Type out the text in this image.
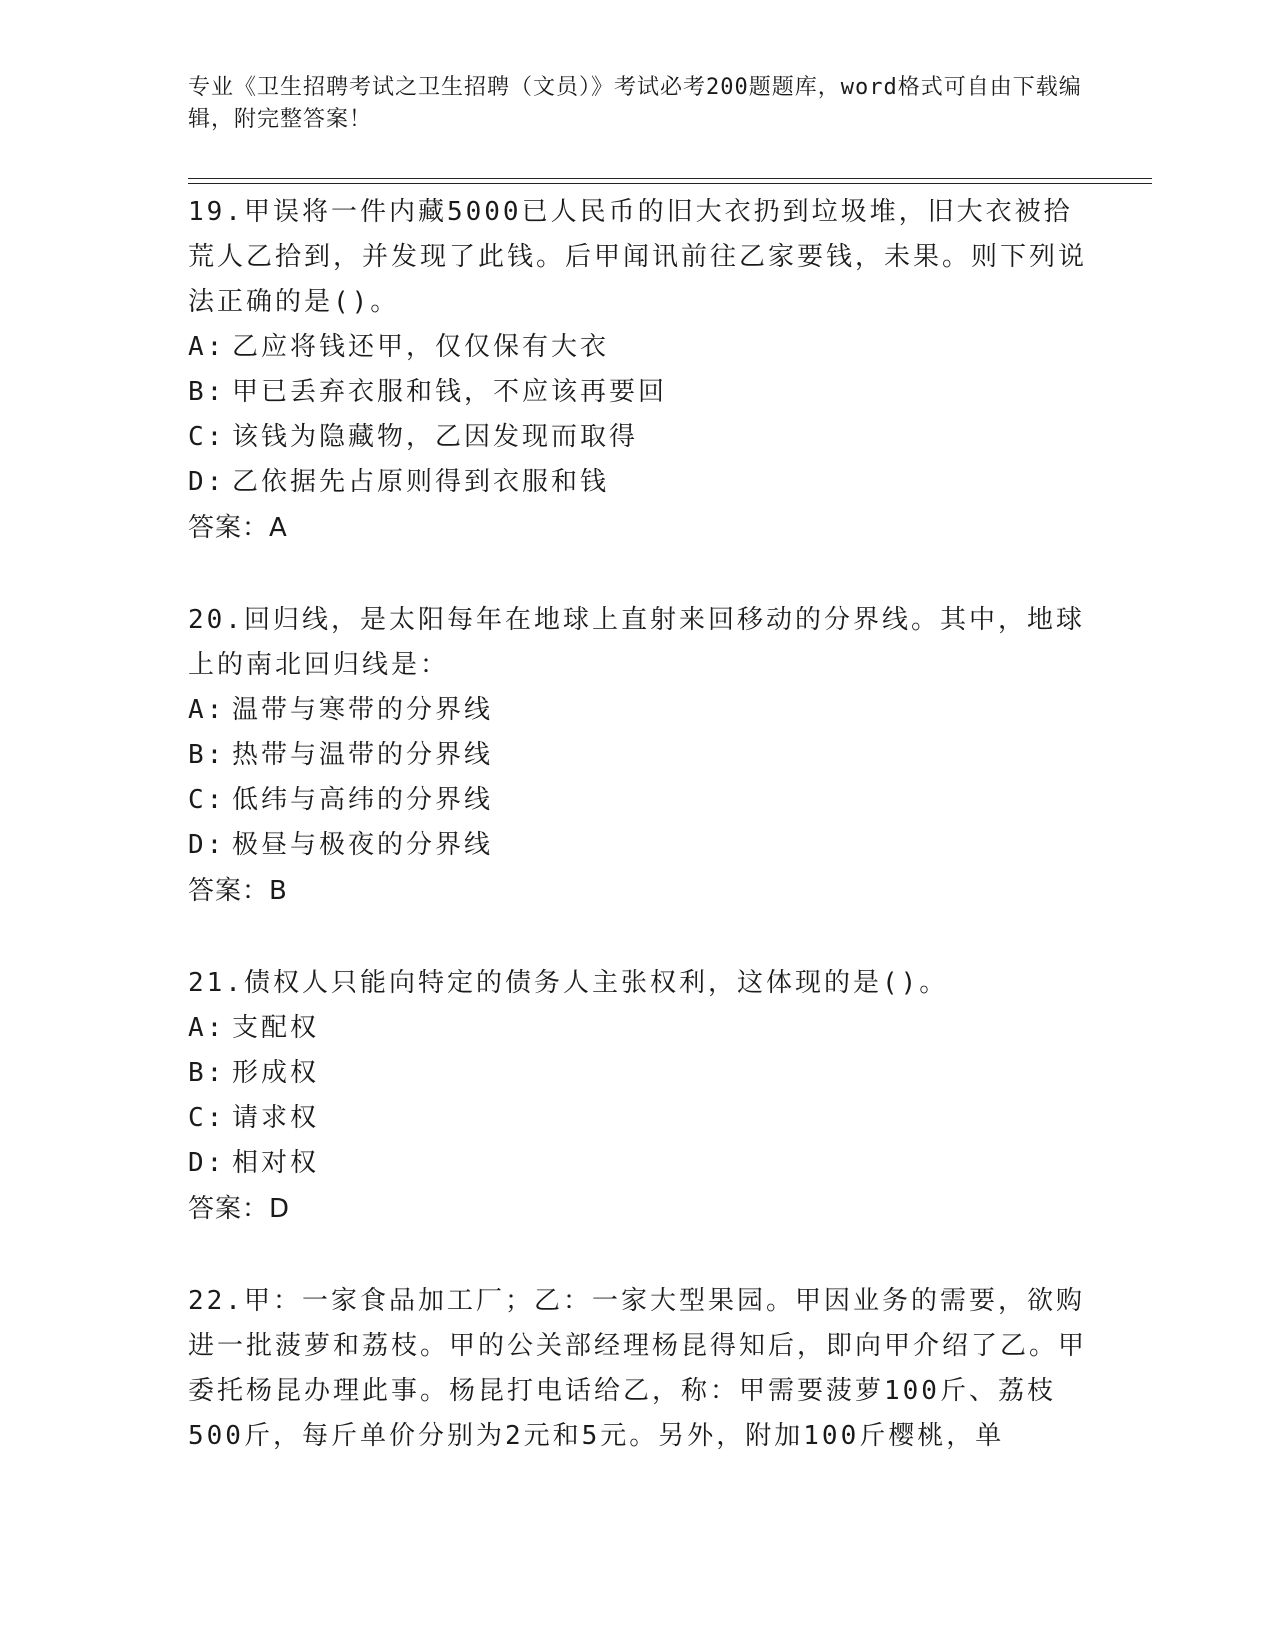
专业《卫生招聘考试之卫生招聘（文员）》考试必考200题题库，word格式可自由下载编辑，附完整答案！

19.甲误将一件内藏5000已人民币的旧大衣扔到垃圾堆，旧大衣被拾荒人乙拾到，并发现了此钱。后甲闻讯前往乙家要钱，未果。则下列说法正确的是()。

A: 乙应将钱还甲，仅仅保有大衣
B: 甲已丢弃衣服和钱，不应该再要回
C: 该钱为隐藏物，乙因发现而取得
D: 乙依据先占原则得到衣服和钱
答案：A

20.回归线，是太阳每年在地球上直射来回移动的分界线。其中，地球上的南北回归线是：

A: 温带与寒带的分界线
B: 热带与温带的分界线
C: 低纬与高纬的分界线
D: 极昼与极夜的分界线
答案：B

21.债权人只能向特定的债务人主张权利，这体现的是()。

A: 支配权
B: 形成权
C: 请求权
D: 相对权
答案：D

22.甲：一家食品加工厂；乙：一家大型果园。甲因业务的需要，欲购进一批菠萝和荔枝。甲的公关部经理杨昆得知后，即向甲介绍了乙。甲委托杨昆办理此事。杨昆打电话给乙，称：甲需要菠萝100斤、荔枝500斤，每斤单价分别为2元和5元。另外，附加100斤樱桃，单
